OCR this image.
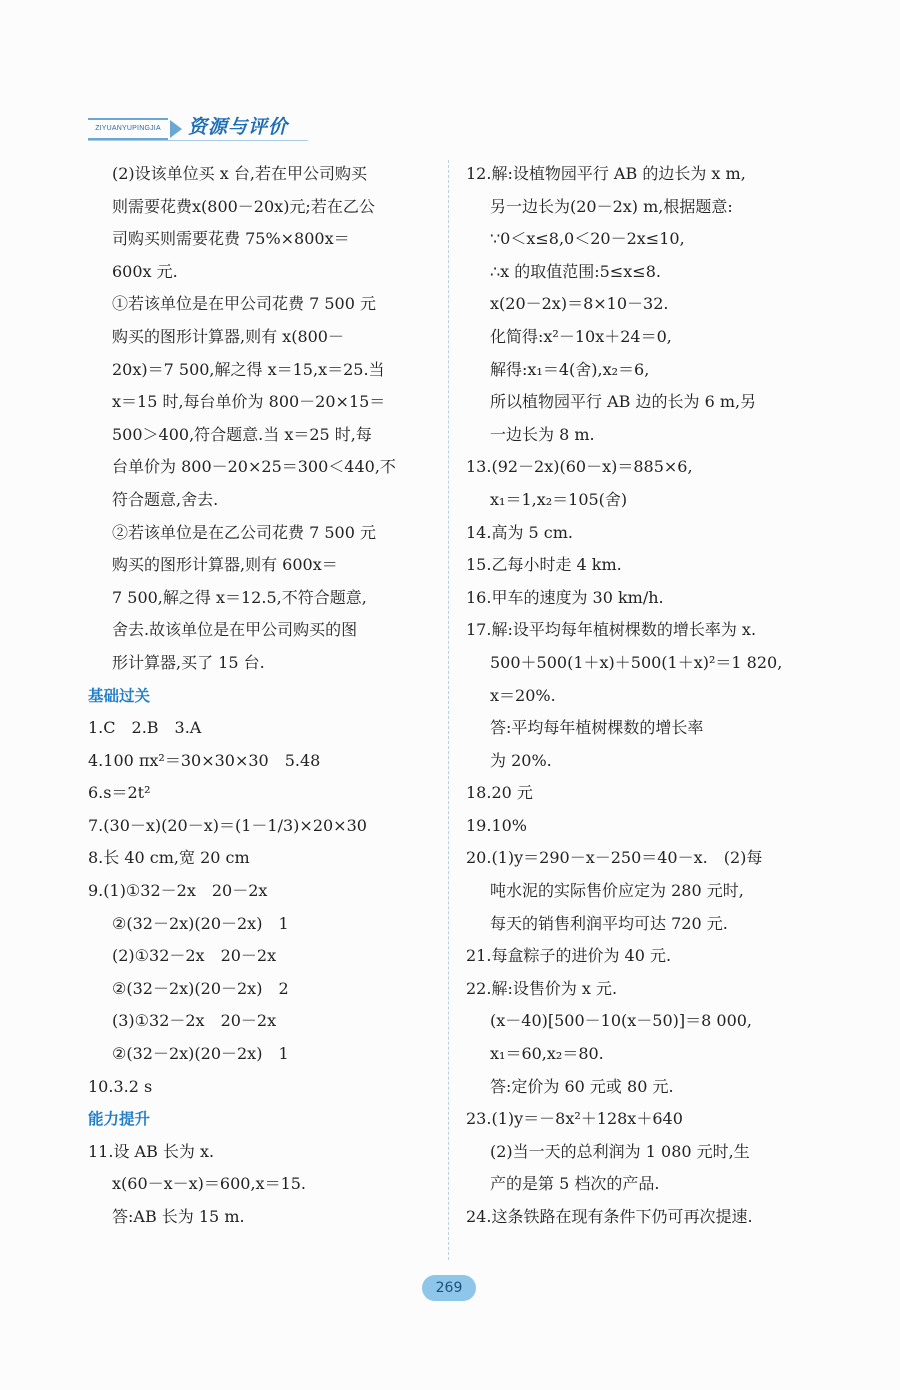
ZIYUANYUPINGJIA	资源与评价
(2)设该单位买 x 台,若在甲公司购买
则需要花费x(800－20x)元;若在乙公
司购买则需要花费 75%×800x＝
600x 元.
①若该单位是在甲公司花费 7 500 元
购买的图形计算器,则有 x(800－
20x)＝7 500,解之得 x＝15,x＝25.当
x＝15 时,每台单价为 800－20×15＝
500＞400,符合题意.当 x＝25 时,每
台单价为 800－20×25＝300＜440,不
符合题意,舍去.
②若该单位是在乙公司花费 7 500 元
购买的图形计算器,则有 600x＝
7 500,解之得 x＝12.5,不符合题意,
舍去.故该单位是在甲公司购买的图
形计算器,买了 15 台.
基础过关
1.C　2.B　3.A
4.100 πx²＝30×30×30　5.48
6.s＝2t²
7.(30－x)(20－x)＝(1－1/3)×20×30
8.长 40 cm,宽 20 cm
9.(1)①32－2x　20－2x
②(32－2x)(20－2x)　1
(2)①32－2x　20－2x
②(32－2x)(20－2x)　2
(3)①32－2x　20－2x
②(32－2x)(20－2x)　1
10.3.2 s
能力提升
11.设 AB 长为 x.
x(60－x－x)＝600,x＝15.
答:AB 长为 15 m.
12.解:设植物园平行 AB 的边长为 x m,
另一边长为(20－2x) m,根据题意:
∵0＜x≤8,0＜20－2x≤10,
∴x 的取值范围:5≤x≤8.
x(20－2x)＝8×10－32.
化简得:x²－10x＋24＝0,
解得:x₁＝4(舍),x₂＝6,
所以植物园平行 AB 边的长为 6 m,另
一边长为 8 m.
13.(92－2x)(60－x)＝885×6,
x₁＝1,x₂＝105(舍)
14.高为 5 cm.
15.乙每小时走 4 km.
16.甲车的速度为 30 km/h.
17.解:设平均每年植树棵数的增长率为 x.
500＋500(1＋x)＋500(1＋x)²＝1 820,
x＝20%.
答:平均每年植树棵数的增长率
为 20%.
18.20 元
19.10%
20.(1)y＝290－x－250＝40－x.　(2)每
吨水泥的实际售价应定为 280 元时,
每天的销售利润平均可达 720 元.
21.每盒粽子的进价为 40 元.
22.解:设售价为 x 元.
(x－40)[500－10(x－50)]＝8 000,
x₁＝60,x₂＝80.
答:定价为 60 元或 80 元.
23.(1)y＝－8x²＋128x＋640
(2)当一天的总利润为 1 080 元时,生
产的是第 5 档次的产品.
24.这条铁路在现有条件下仍可再次提速.
269
